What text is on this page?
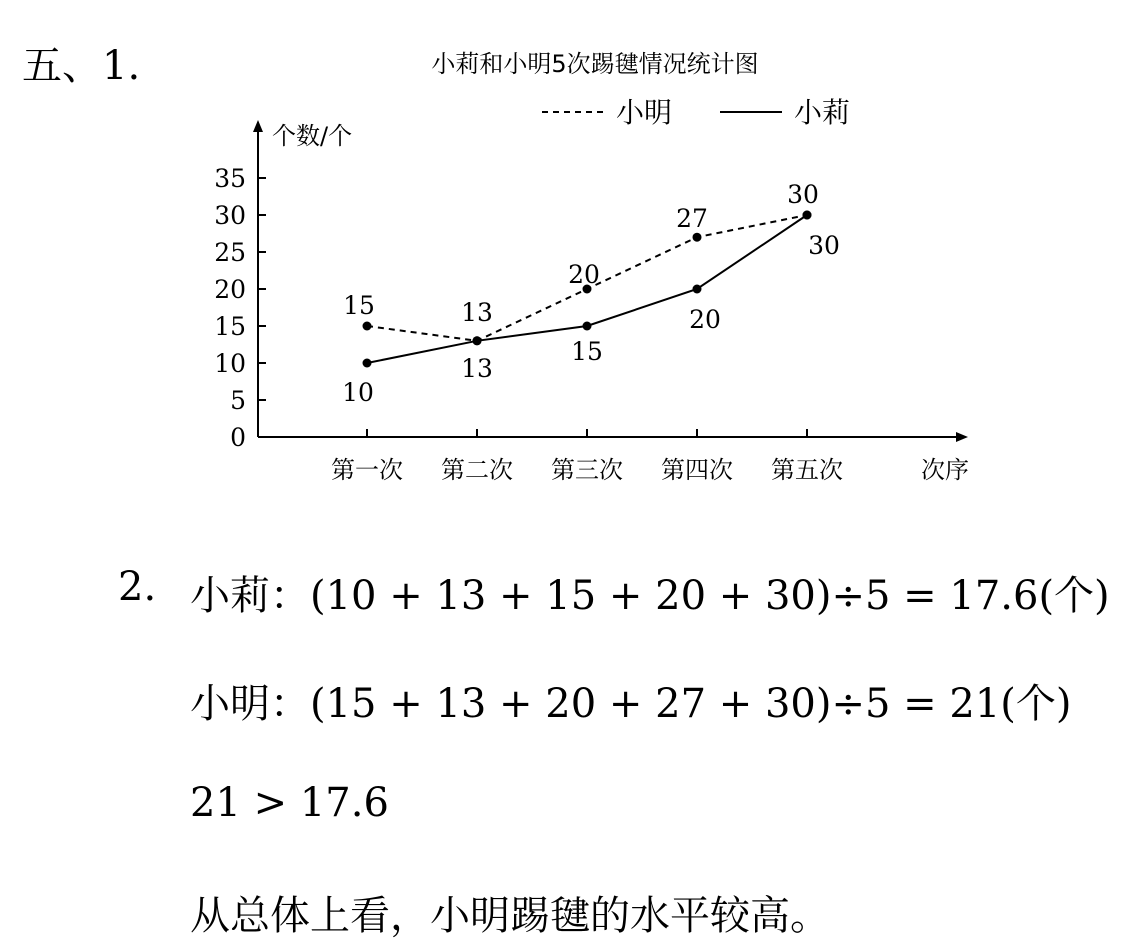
五、1.	小莉和小明5次踢毽情况统计图
小明	小莉
个数/个
次序
0
5
10
15
20
25
30
35
第一次 第二次 第三次 第四次 第五次
15	13
20
27
30
10
13
15
20
30
2. 小莉：(10 + 13 + 15 + 20 + 30)÷5 = 17.6(个)
小明：(15 + 13 + 20 + 27 + 30)÷5 = 21(个)
21 > 17.6
从总体上看，小明踢毽的水平较高。
